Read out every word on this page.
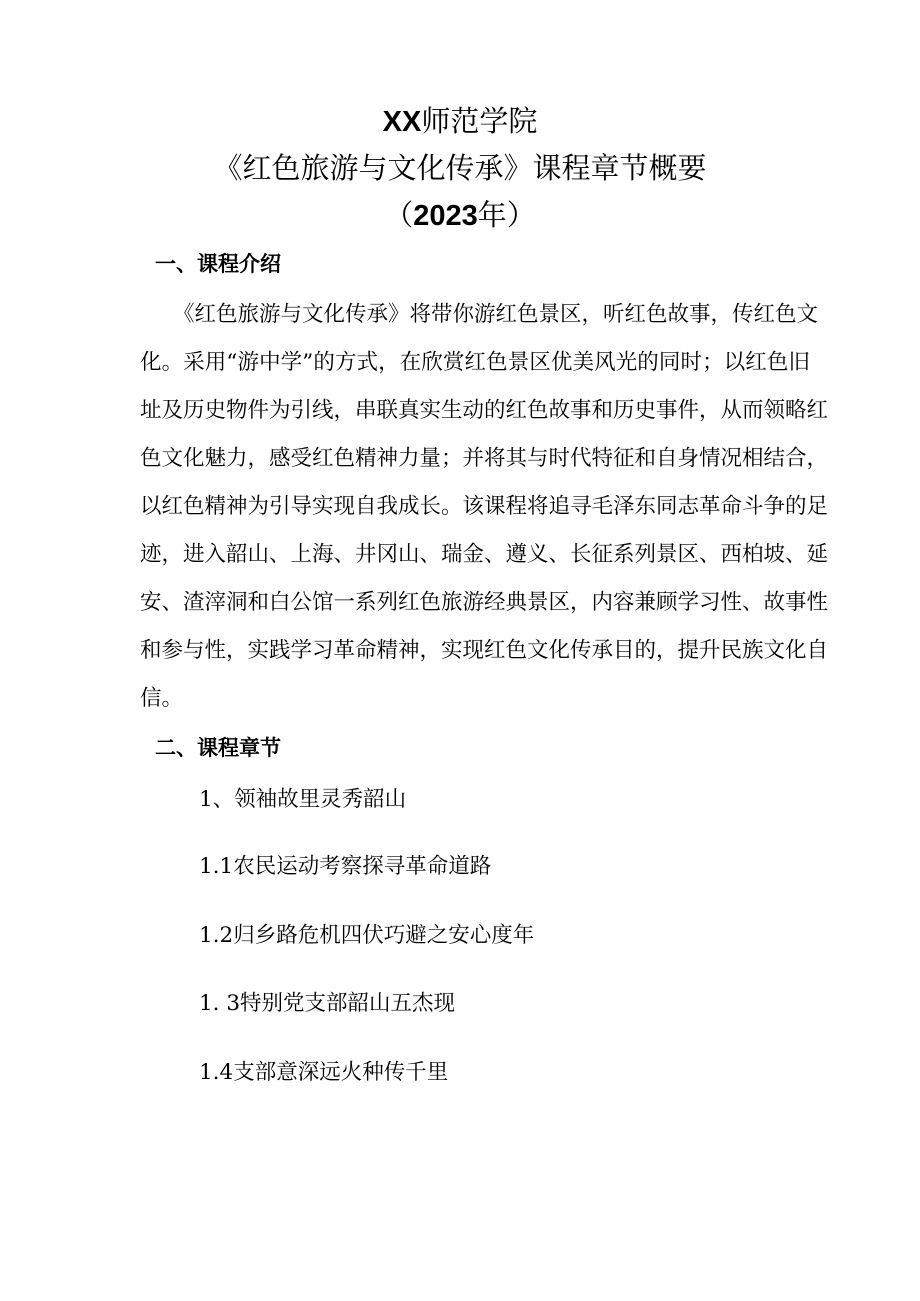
XX师范学院
《红色旅游与文化传承》课程章节概要
（2023年）
一、课程介绍
《红色旅游与文化传承》将带你游红色景区，听红色故事，传红色文
化。采用“游中学”的方式，在欣赏红色景区优美风光的同时；以红色旧
址及历史物件为引线，串联真实生动的红色故事和历史事件，从而领略红
色文化魅力，感受红色精神力量；并将其与时代特征和自身情况相结合，
以红色精神为引导实现自我成长。该课程将追寻毛泽东同志革命斗争的足
迹，进入韶山、上海、井冈山、瑞金、遵义、长征系列景区、西柏坡、延
安、渣滓洞和白公馆一系列红色旅游经典景区，内容兼顾学习性、故事性
和参与性，实践学习革命精神，实现红色文化传承目的，提升民族文化自
信。
二、课程章节
1、领袖故里灵秀韶山
1.1农民运动考察探寻革命道路
1.2归乡路危机四伏巧避之安心度年
1. 3特别党支部韶山五杰现
1.4支部意深远火种传千里
